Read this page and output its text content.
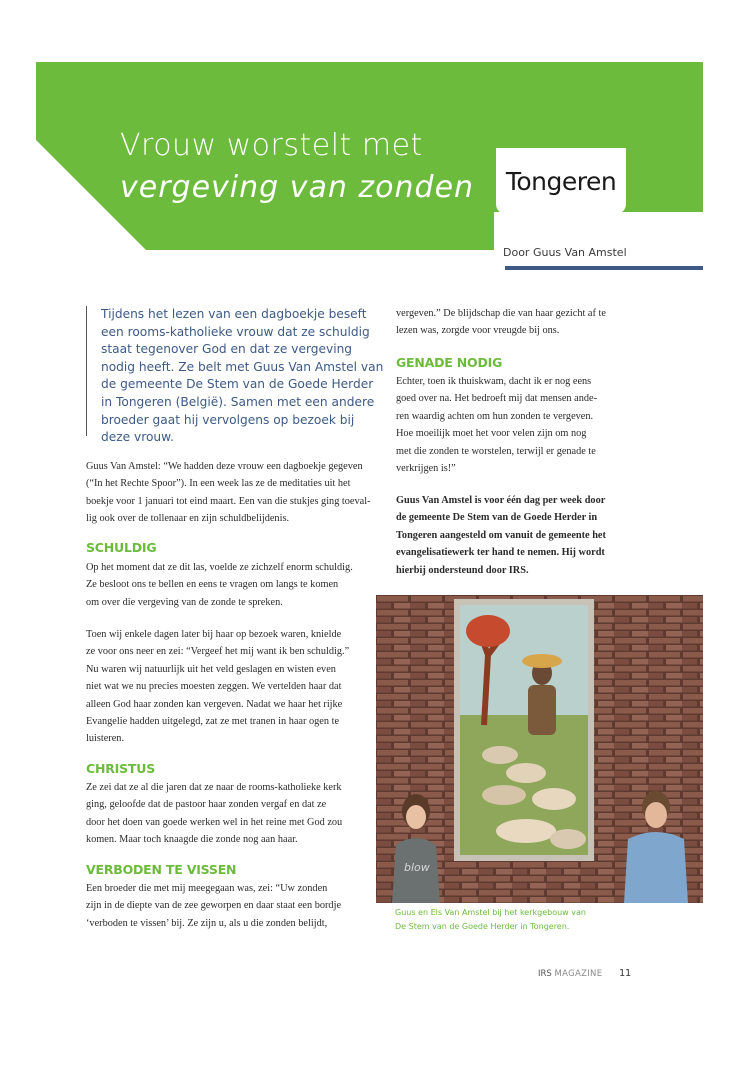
Vrouw worstelt met
vergeving van zonden Tongeren
Door Guus Van Amstel
Tijdens het lezen van een dagboekje beseft
een rooms-katholieke vrouw dat ze schuldig
staat tegenover God en dat ze vergeving
nodig heeft. Ze belt met Guus Van Amstel van
de gemeente De Stem van de Goede Herder
in Tongeren (België). Samen met een andere
broeder gaat hij vervolgens op bezoek bij
deze vrouw.
Guus Van Amstel: “We hadden deze vrouw een dagboekje gegeven
(“In het Rechte Spoor”). In een week las ze de meditaties uit het
boekje voor 1 januari tot eind maart. Een van die stukjes ging toeval-
lig ook over de tollenaar en zijn schuldbelijdenis.
SCHULDIG
Op het moment dat ze dit las, voelde ze zichzelf enorm schuldig.
Ze besloot ons te bellen en eens te vragen om langs te komen
om over die vergeving van de zonde te spreken.
Toen wij enkele dagen later bij haar op bezoek waren, knielde
ze voor ons neer en zei: “Vergeef het mij want ik ben schuldig.”
Nu waren wij natuurlijk uit het veld geslagen en wisten even
niet wat we nu precies moesten zeggen. We vertelden haar dat
alleen God haar zonden kan vergeven. Nadat we haar het rijke
Evangelie hadden uitgelegd, zat ze met tranen in haar ogen te
luisteren.
CHRISTUS
Ze zei dat ze al die jaren dat ze naar de rooms-katholieke kerk
ging, geloofde dat de pastoor haar zonden vergaf en dat ze
door het doen van goede werken wel in het reine met God zou
komen. Maar toch knaagde die zonde nog aan haar.
VERBODEN TE VISSEN
Een broeder die met mij meegegaan was, zei: “Uw zonden
zijn in de diepte van de zee geworpen en daar staat een bordje
‘verboden te vissen’ bij. Ze zijn u, als u die zonden belijdt,
vergeven.” De blijdschap die van haar gezicht af te
lezen was, zorgde voor vreugde bij ons.
GENADE NODIG
Echter, toen ik thuiskwam, dacht ik er nog eens
goed over na. Het bedroeft mij dat mensen ande-
ren waardig achten om hun zonden te vergeven.
Hoe moeilijk moet het voor velen zijn om nog
met die zonden te worstelen, terwijl er genade te
verkrijgen is!”
Guus Van Amstel is voor één dag per week door
de gemeente De Stem van de Goede Herder in
Tongeren aangesteld om vanuit de gemeente het
evangelisatiewerk ter hand te nemen. Hij wordt
hierbij ondersteund door IRS.
blow
Guus en Els Van Amstel bij het kerkgebouw van
De Stem van de Goede Herder in Tongeren.
IRS MAGAZINE 11
